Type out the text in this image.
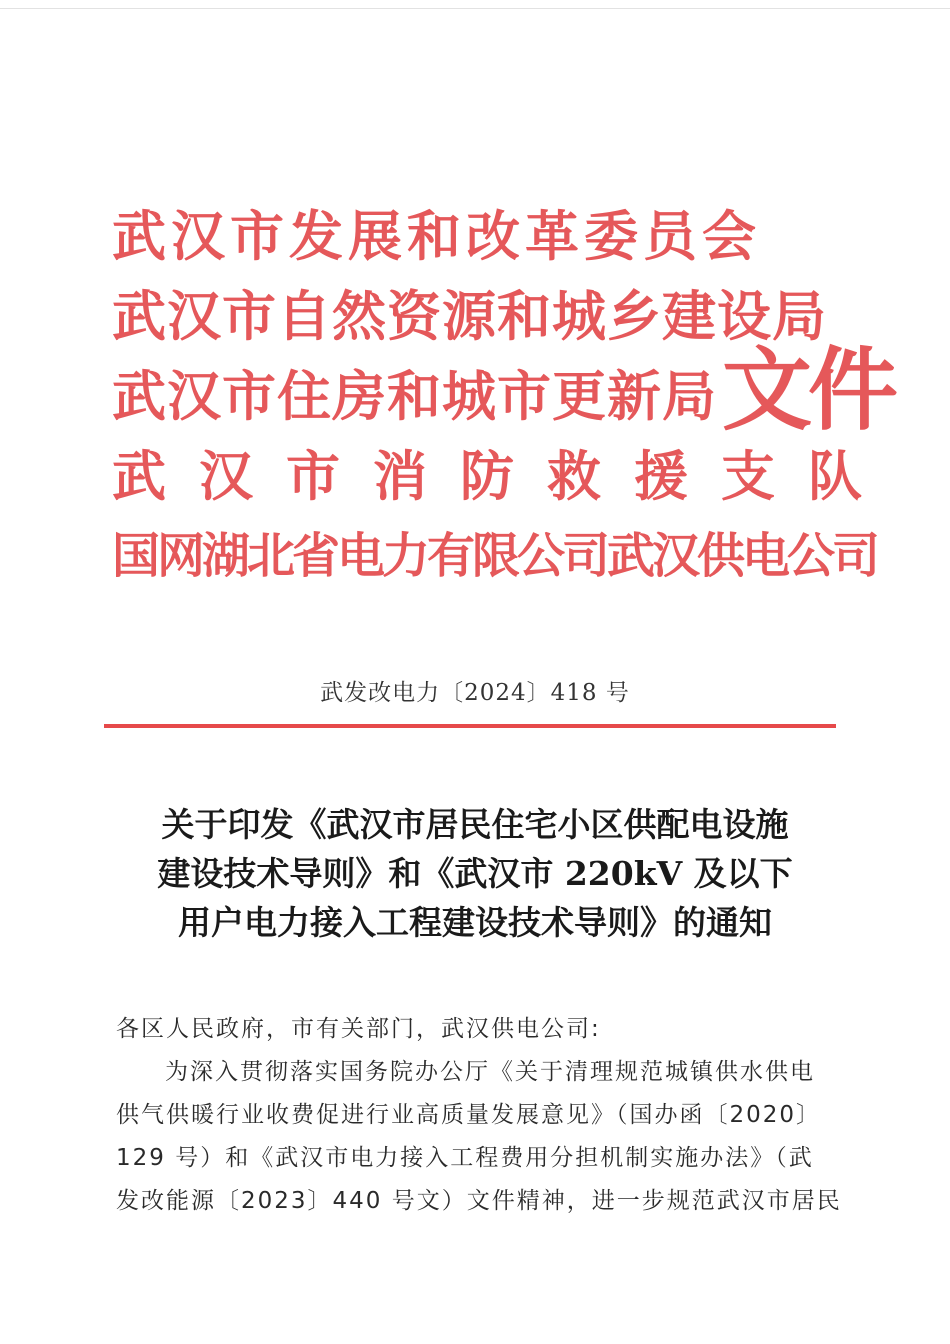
武汉市发展和改革委员会
武汉市自然资源和城乡建设局
武汉市住房和城市更新局
武汉市消防救援支队
国网湖北省电力有限公司武汉供电公司
文件
武发改电力〔2024〕418 号
关于印发《武汉市居民住宅小区供配电设施
建设技术导则》和《武汉市 220kV 及以下
用户电力接入工程建设技术导则》的通知
各区人民政府，市有关部门，武汉供电公司:
为深入贯彻落实国务院办公厅《关于清理规范城镇供水供电
供气供暖行业收费促进行业高质量发展意见》（国办函〔2020〕
129 号）和《武汉市电力接入工程费用分担机制实施办法》（武
发改能源〔2023〕440 号文）文件精神，进一步规范武汉市居民
